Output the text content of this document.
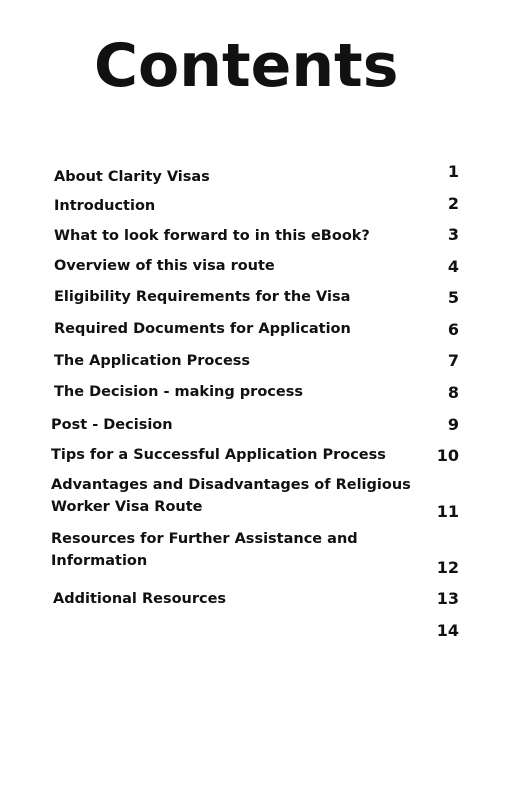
Contents
About Clarity Visas	1
Introduction	2
What to look forward to in this eBook?	3
Overview of this visa route	4
Eligibility Requirements for the Visa	5
Required Documents for Application	6
The Application Process	7
The Decision - making process	8
Post - Decision	9
Tips for a Successful Application Process	10
Advantages and Disadvantages of Religious
Worker Visa Route	11
Resources for Further Assistance and
Information	12
Additional Resources	13
14
